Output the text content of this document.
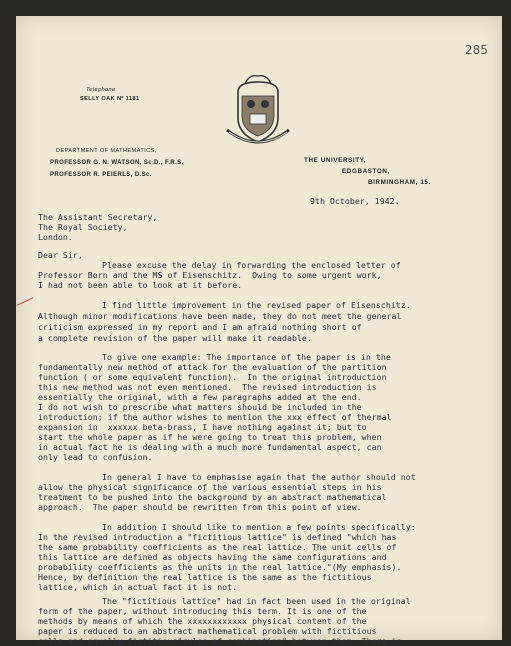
285
Telephone
SELLY OAK Nº 1181
DEPARTMENT OF MATHEMATICS,
PROFESSOR G. N. WATSON, Sc.D., F.R.S.
PROFESSOR R. PEIERLS, D.Sc.
THE UNIVERSITY,
EDGBASTON,
BIRMINGHAM, 15.
9th October, 1942.
The Assistant Secretary,
The Royal Society,
London.
Dear Sir,
Please excuse the delay in forwarding the enclosed letter of
Professor Born and the MS of Eisenschitz.  Owing to some urgent work,
I had not been able to look at it before.
I find little improvement in the revised paper of Eisenschitz.
Although minor modifications have been made, they do not meet the general
criticism expressed in my report and I am afraid nothing short of
a complete revision of the paper will make it readable.
To give one example: The importance of the paper is in the
fundamentally new method of attack for the evaluation of the partition
function ( or some equivalent function).  In the original introduction
this new method was not even mentioned.  The revised introduction is
essentially the original, with a few paragraphs added at the end.
I do not wish to prescribe what matters should be included in the
introduction; if the author wishes to mention the xxx effect of thermal
expansion in  xxxxxx beta-brass, I have nothing against it; but to
start the whole paper as if he were going to treat this problem, when
in actual fact he is dealing with a much more fundamental aspect, can
only lead to confusion.
In general I have to emphasise again that the author should not
allow the physical significance of the various essential steps in his
treatment to be pushed into the background by an abstract mathematical
approach.  The paper should be rewritten from this point of view.
In addition I should like to mention a few points specifically:
In the revised introduction a "fictitious lattice" is defined "which has
the same probability coefficients as the real lattice. The unit cells of
this lattice are defined as objects having the same configurations and
probability coefficients as the units in the real lattice."(My emphasis).
Hence, by definition the real lattice is the same as the fictitious
lattice, which in actual fact it is not.
The "fictitious lattice" had in fact been used in the original
form of the paper, without introducing this term. It is one of the
methods by means of which the xxxxxxxxxxxx physical content of the
paper is reduced to an abstract mathematical problem with fictitious
cells and equally fictitious"rules of combination" between them. There is
